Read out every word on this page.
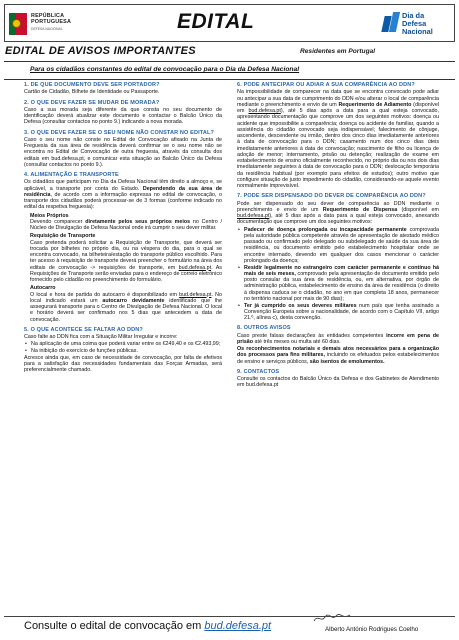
REPÚBLICA
PORTUGUESA
DEFESA NACIONAL	EDITAL	Dia da
Defesa
Nacional
EDITAL DE AVISOS IMPORTANTES	Residentes em Portugal
Para os cidadãos constantes do edital de convocação para o Dia da Defesa Nacional
1. DE QUE DOCUMENTO DEVE SER PORTADOR?
Cartão de Cidadão, Bilhete de Identidade ou Passaporte.
2. O QUE DEVE FAZER SE MUDAR DE MORADA?
Caso a sua morada seja diferente da que consta no seu documento de identificação deverá atualizar este documento e contactar o Balcão Único da Defesa (consultar contactos no ponto 9.) indicando a nova morada.
3. O QUE DEVE FAZER SE O SEU NOME NÃO CONSTAR NO EDITAL?
Caso o seu nome não conste no Edital de Convocação afixado na Junta de Freguesia da sua área de residência deverá confirmar se o seu nome não se encontra no Edital de Convocação de outra freguesia, através da consulta dos editais em bud.defesa.pt, e comunicar esta situação ao Balcão Único da Defesa (consultar contactos no ponto 9.).
4. ALIMENTAÇÃO E TRANSPORTE
Os cidadãos que participam no Dia da Defesa Nacional têm direito a almoço e, se aplicável, a transporte por conta do Estado. Dependendo da sua área de residência, de acordo com a informação expressa no edital de convocação, o transporte dos cidadãos poderá processar-se de 3 formas (conforme indicado no edital da respetiva freguesia):
Meios Próprios
Devendo comparecer diretamente pelos seus próprios meios no Centro / Núcleo de Divulgação de Defesa Nacional onde irá cumprir o seu dever militar.
Requisição de Transporte
Caso pretenda poderá solicitar a Requisição de Transporte, que deverá ser trocada por bilhetes no próprio dia, ou na véspera do dia, para o qual se encontra convocado, na bilheteira/estação do transporte público escolhido. Para ter acesso à requisição de transporte deverá preencher o formulário na área dos editais de convocação -> requisições de transporte, em bud.defesa.pt. As Requisições de Transporte serão enviadas para o endereço de correio eletrónico fornecido pelo cidadão no preenchimento do formulário.
Autocarro
O local e hora de partida do autocarro é disponibilizado em bud.defesa.pt. No local indicado estará um autocarro devidamente identificado que lhe assegurará transporte para o Centro de Divulgação de Defesa Nacional. O local e horário deverá ser confirmado nos 5 dias que antecedem a data de convocação.
5. O QUE ACONTECE SE FALTAR AO DDN?
Caso falte ao DDN fica com a Situação Militar Irregular e incorre:
• Na aplicação de uma coima que poderá variar entre os €249,40 e os €2.493,99;
• Na inibição do exercício de funções públicas.
Acresce ainda que, em caso de necessidade de convocação, por falta de efetivos para a satisfação das necessidades fundamentais das Forças Armadas, será preferencialmente chamado.
6. PODE ANTECIPAR OU ADIAR A SUA COMPARÊNCIA AO DDN?
Na impossibilidade de comparecer na data que se encontra convocado pode adiar ou antecipar a sua data de cumprimento do DDN e/ou alterar o local de comparência mediante o preenchimento e envio de um Requerimento de Adiamento (disponível em bud.defesa.pt), até 5 dias após a data para a qual esteja convocado, apresentando documentação que comprove um dos seguintes motivos: doença ou acidente que impossibilite a comparência; doença ou acidente de familiar, quando a assistência do cidadão convocado seja indispensável; falecimento de cônjuge, ascendente, descendente ou irmão, dentro dos cinco dias imediatamente anteriores à data de convocação para o DDN; casamento num dos cinco dias úteis imediatamente anteriores à data de convocação; nascimento de filho ou licença de adoção de menor; internamento, prisão ou detenção; realização de exame em estabelecimento de ensino oficialmente reconhecido, no próprio dia ou nos dois dias imediatamente seguintes à data de convocação para o DDN; deslocação temporária da residência habitual (por exemplo para efeitos de estudos); outro motivo que configure situação de justo impedimento do cidadão, considerando-se aquele evento normalmente imprevisível.
7. PODE SER DISPENSADO DO DEVER DE COMPARÊNCIA AO DDN?
Pode ser dispensado do seu dever de comparência ao DDN mediante o preenchimento e envio de um Requerimento de Dispensa (disponível em bud.defesa.pt), até 5 dias após a data para a qual esteja convocado, anexando documentação que comprove um dos seguintes motivos:
• Padecer de doença prolongada ou incapacidade permanente comprovada pela autoridade pública competente através de apresentação de atestado médico passado ou confirmado pelo delegado ou subdelegado de saúde da sua área de residência, ou documento emitido pelo estabelecimento hospitalar onde se encontre internado, devendo em qualquer dos casos mencionar o carácter prolongado da doença;
• Residir legalmente no estrangeiro com carácter permanente e contínuo há mais de seis meses, comprovado pela apresentação de documento emitido pelo posto consular da sua área de residência, ou, em alternativa, por órgão de administração pública, estabelecimento de ensino da área de residência (o direito à dispensa caduca se o cidadão, no ano em que completa 18 anos, permanecer no território nacional por mais de 90 dias);
• Ter já cumprido os seus deveres militares num país que tenha assinado a Convenção Europeia sobre a nacionalidade, de acordo com o Capítulo VII, artigo 21.º, alínea c), desta convenção.
8. OUTROS AVISOS
Caso preste falsas declarações às entidades competentes incorre em pena de prisão até três meses ou multa até 60 dias.
Os reconhecimentos notariais e demais atos necessários para a organização dos processos para fins militares, incluindo os efetuados pelos estabelecimentos de ensino e serviços públicos, são isentos de emolumentos.
9. CONTACTOS
Consulte os contactos do Balcão Único da Defesa e dos Gabinetes de Atendimento em bud.defesa.pt
Consulte o edital de convocação em bud.defesa.pt	Alberto António Rodrigues Coelho
